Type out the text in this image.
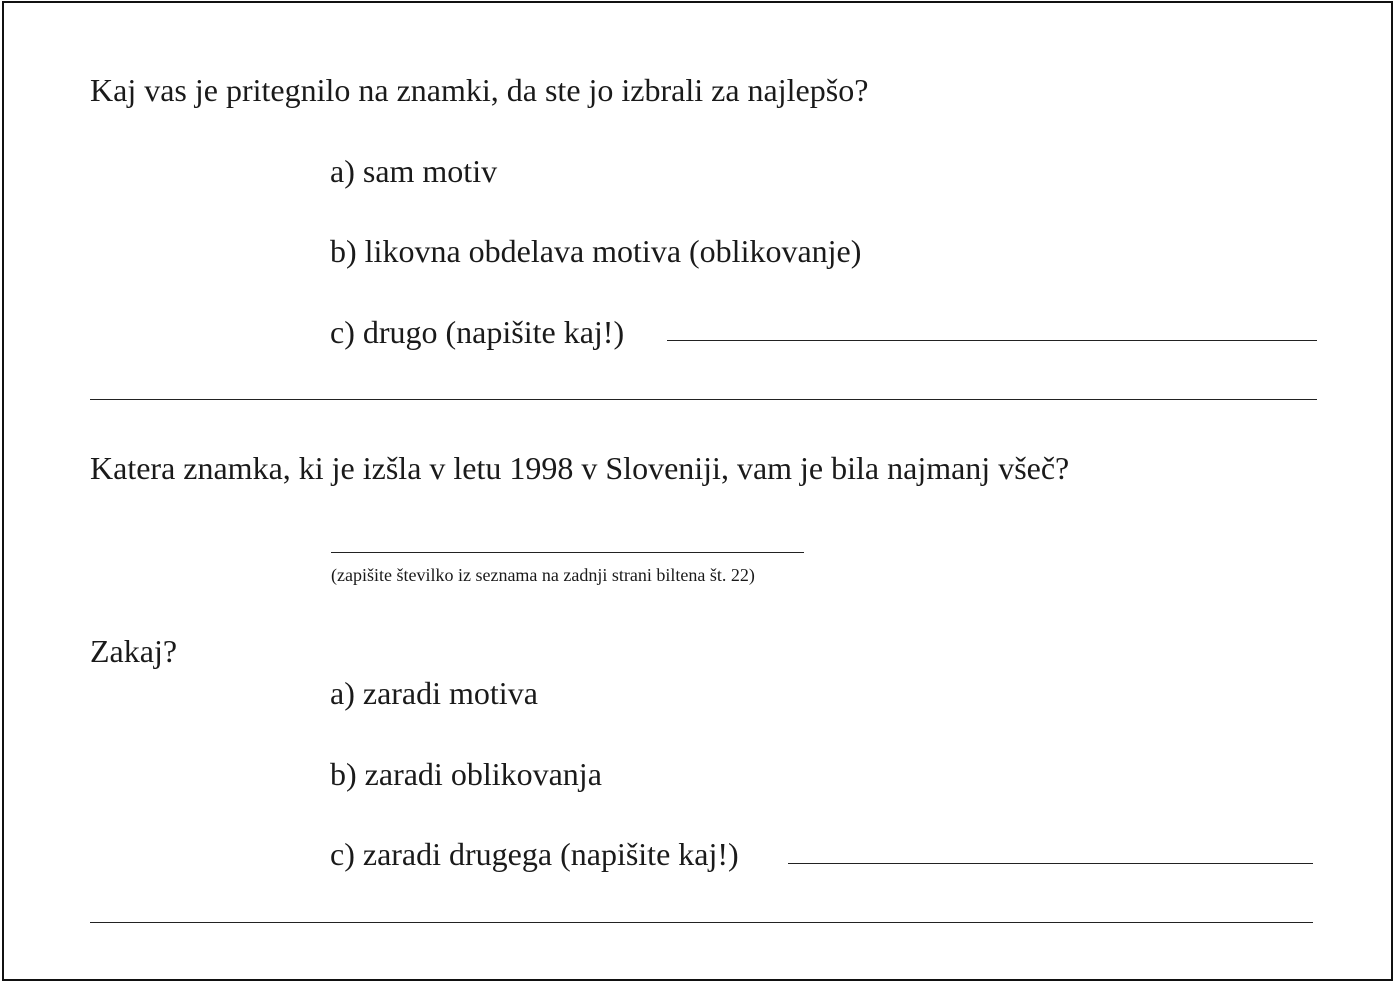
Kaj vas je pritegnilo na znamki, da ste jo izbrali za najlepšo?
a) sam motiv
b) likovna obdelava motiva (oblikovanje)
c) drugo (napišite kaj!)
Katera znamka, ki je izšla v letu 1998 v Sloveniji, vam je bila najmanj všeč?
(zapišite številko iz seznama na zadnji strani biltena št. 22)
Zakaj?
a) zaradi motiva
b) zaradi oblikovanja
c) zaradi drugega (napišite kaj!)
